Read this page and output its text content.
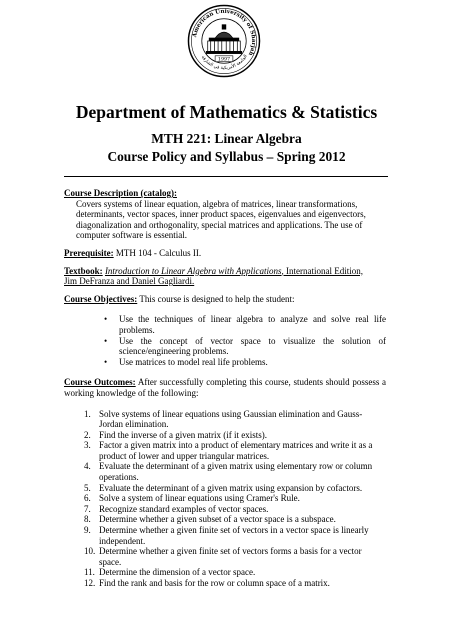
American University of Sharjah
الجامعة الأمريكية في الشارقة
1997
Department of Mathematics & Statistics
MTH 221: Linear Algebra
Course Policy and Syllabus – Spring 2012

Course Description (catalog):

Covers systems of linear equation, algebra of matrices, linear transformations, determinants, vector spaces, inner product spaces, eigenvalues and eigenvectors, diagonalization and orthogonality, special matrices and applications. The use of computer software is essential.

Prerequisite: MTH 104 - Calculus II.

Textbook: Introduction to Linear Algebra with Applications, International Edition,
Jim DeFranza and Daniel Gagliardi.

Course Objectives: This course is designed to help the student:

• Use the techniques of linear algebra to analyze and solve real life problems.
• Use the concept of vector space to visualize the solution of science/engineering problems.
• Use matrices to model real life problems.

Course Outcomes: After successfully completing this course, students should possess a working knowledge of the following:

1. Solve systems of linear equations using Gaussian elimination and Gauss-Jordan elimination.
2. Find the inverse of a given matrix (if it exists).
3. Factor a given matrix into a product of elementary matrices and write it as a product of lower and upper triangular matrices.
4. Evaluate the determinant of a given matrix using elementary row or column operations.
5. Evaluate the determinant of a given matrix using expansion by cofactors.
6. Solve a system of linear equations using Cramer's Rule.
7. Recognize standard examples of vector spaces.
8. Determine whether a given subset of a vector space is a subspace.
9. Determine whether a given finite set of vectors in a vector space is linearly independent.
10. Determine whether a given finite set of vectors forms a basis for a vector space.
11. Determine the dimension of a vector space.
12. Find the rank and basis for the row or column space of a matrix.
